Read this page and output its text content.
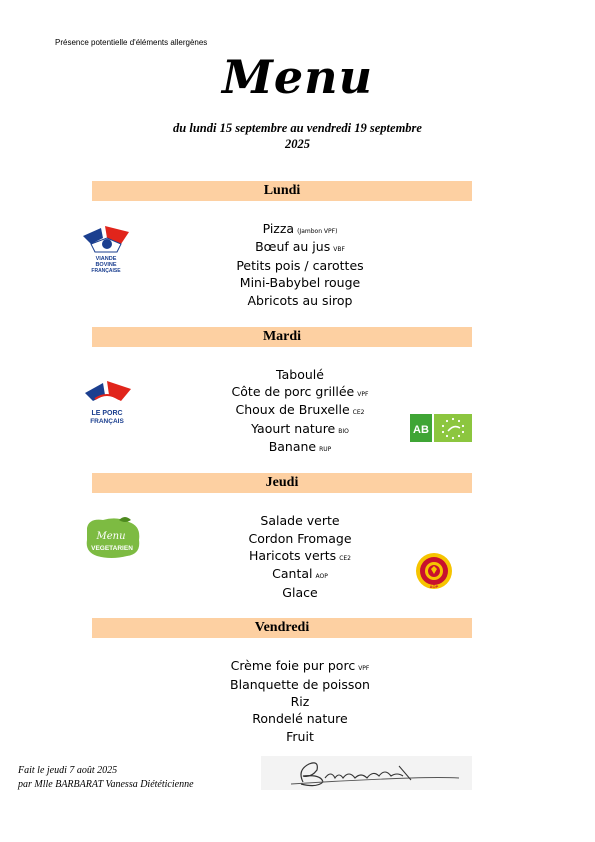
Présence potentielle d'éléments allergènes
Menu
du lundi 15 septembre au vendredi 19 septembre
2025
Lundi
Pizza (Jambon VPF)
Bœuf au jus VBF
Petits pois / carottes
Mini-Babybel rouge
Abricots au sirop
VIANDE
BOVINE
FRANÇAISE
Mardi
Taboulé
Côte de porc grillée VPF
Choux de Bruxelle CE2
Yaourt nature BIO
Banane RUP
LE PORC
FRANÇAIS
AB
Jeudi
Salade verte
Cordon Fromage
Haricots verts CE2
Cantal AOP
Glace
Menu
VEGETARIEN
AOP
Vendredi
Crème foie pur porc VPF
Blanquette de poisson
Riz
Rondelé nature
Fruit
Fait le jeudi 7 août 2025
par Mlle BARBARAT Vanessa Diététicienne
